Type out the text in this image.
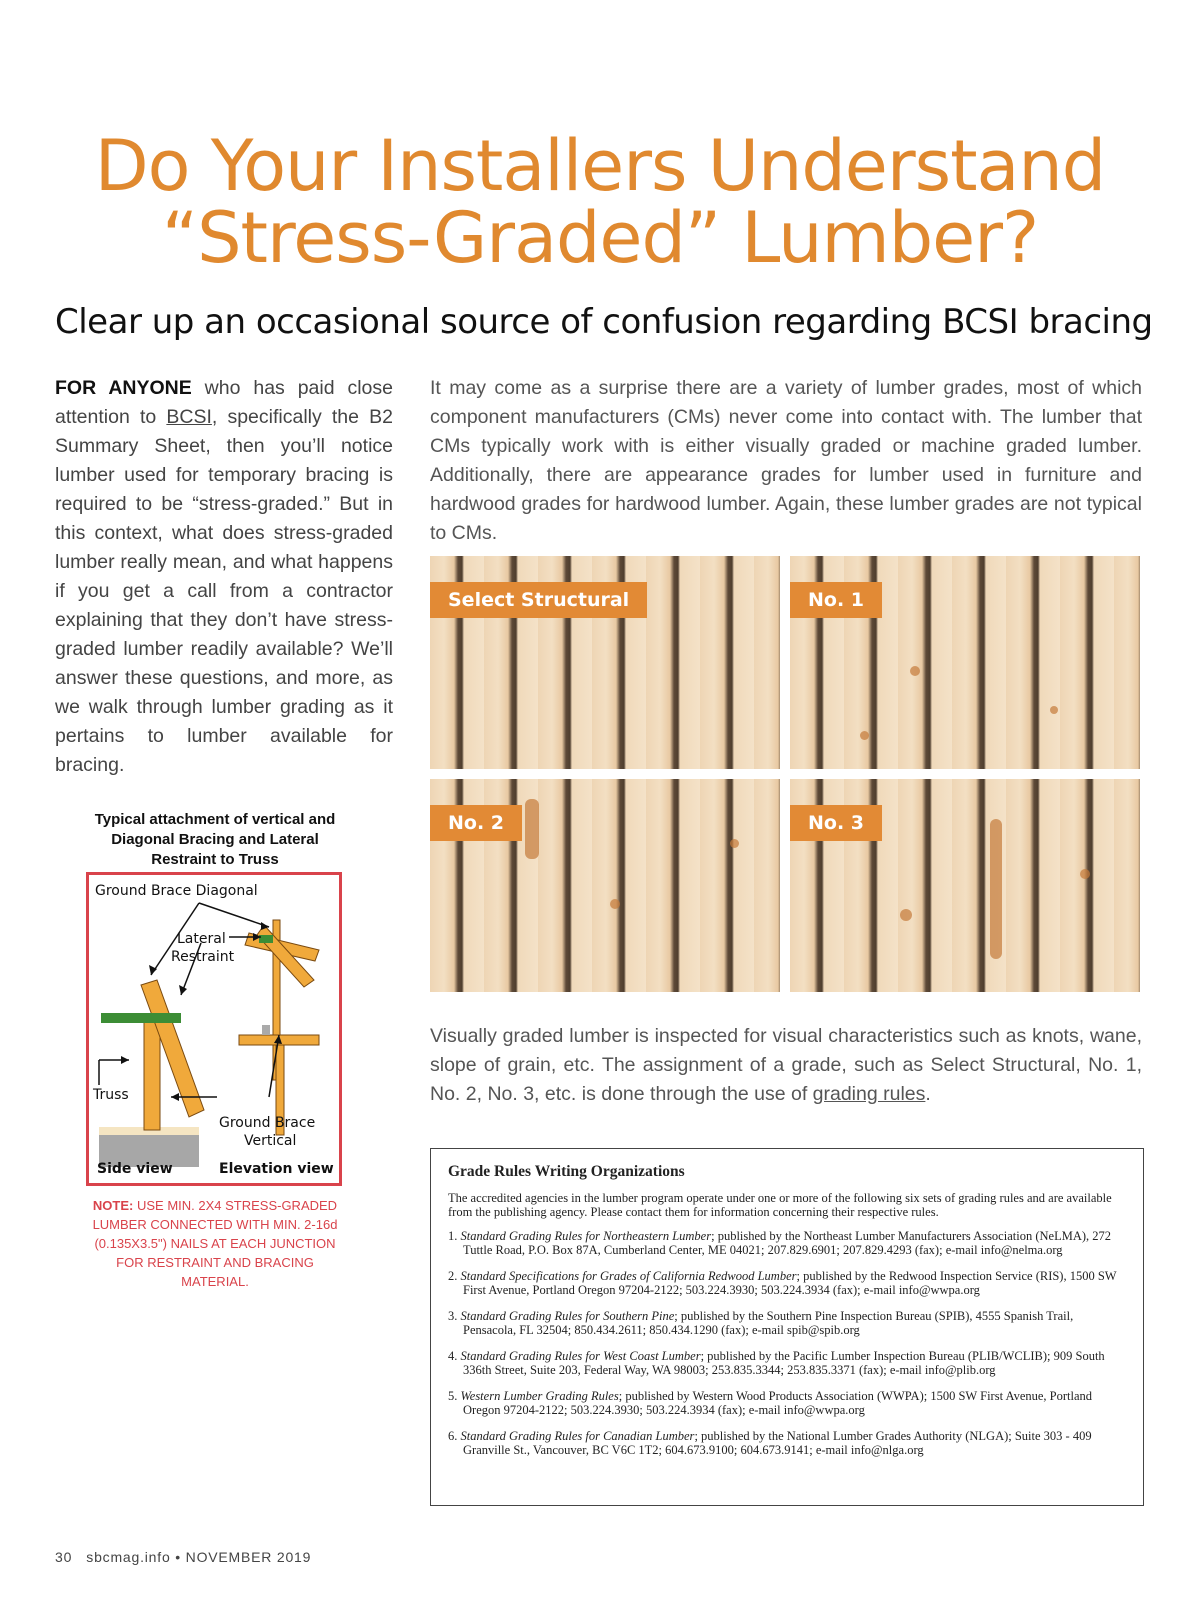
Do Your Installers Understand
“Stress-Graded” Lumber?
Clear up an occasional source of confusion regarding BCSI bracing
FOR ANYONE who has paid close attention to BCSI, specifically the B2 Summary Sheet, then you’ll notice lumber used for temporary bracing is required to be “stress-graded.” But in this context, what does stress-graded lumber really mean, and what happens if you get a call from a contractor explaining that they don’t have stress-graded lumber readily available? We’ll answer these questions, and more, as we walk through lumber grading as it pertains to lumber available for bracing.
It may come as a surprise there are a variety of lumber grades, most of which component manufacturers (CMs) never come into contact with. The lumber that CMs typically work with is either visually graded or machine graded lumber. Additionally, there are appearance grades for lumber used in furniture and hardwood grades for hardwood lumber. Again, these lumber grades are not typical to CMs.
Select Structural	No. 1
No. 2	No. 3
Visually graded lumber is inspected for visual characteristics such as knots, wane, slope of grain, etc. The assignment of a grade, such as Select Structural, No. 1, No. 2, No. 3, etc. is done through the use of grading rules.
Typical attachment of vertical and Diagonal Bracing and Lateral Restraint to Truss
Ground Brace Diagonal
Lateral
Restraint
Truss
Ground Brace
Vertical
Side view	Elevation view
NOTE: USE MIN. 2X4 STRESS-GRADED LUMBER CONNECTED WITH MIN. 2-16d (0.135X3.5") NAILS AT EACH JUNCTION FOR RESTRAINT AND BRACING MATERIAL.
Grade Rules Writing Organizations
The accredited agencies in the lumber program operate under one or more of the following six sets of grading rules and are available from the publishing agency. Please contact them for information concerning their respective rules.
1. Standard Grading Rules for Northeastern Lumber; published by the Northeast Lumber Manufacturers Association (NeLMA), 272 Tuttle Road, P.O. Box 87A, Cumberland Center, ME 04021; 207.829.6901; 207.829.4293 (fax); e-mail info@nelma.org
2. Standard Specifications for Grades of California Redwood Lumber; published by the Redwood Inspection Service (RIS), 1500 SW First Avenue, Portland Oregon 97204-2122; 503.224.3930; 503.224.3934 (fax); e-mail info@wwpa.org
3. Standard Grading Rules for Southern Pine; published by the Southern Pine Inspection Bureau (SPIB), 4555 Spanish Trail, Pensacola, FL 32504; 850.434.2611; 850.434.1290 (fax); e-mail spib@spib.org
4. Standard Grading Rules for West Coast Lumber; published by the Pacific Lumber Inspection Bureau (PLIB/WCLIB); 909 South 336th Street, Suite 203, Federal Way, WA 98003; 253.835.3344; 253.835.3371 (fax); e-mail info@plib.org
5. Western Lumber Grading Rules; published by Western Wood Products Association (WWPA); 1500 SW First Avenue, Portland Oregon 97204-2122; 503.224.3930; 503.224.3934 (fax); e-mail info@wwpa.org
6. Standard Grading Rules for Canadian Lumber; published by the National Lumber Grades Authority (NLGA); Suite 303 - 409 Granville St., Vancouver, BC V6C 1T2; 604.673.9100; 604.673.9141; e-mail info@nlga.org
30 sbcmag.info • NOVEMBER 2019
